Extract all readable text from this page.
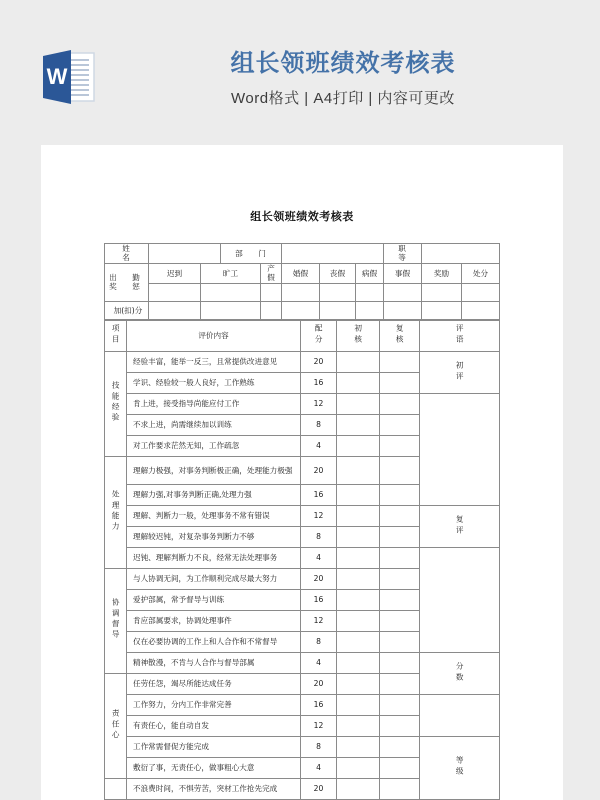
W	组长领班绩效考核表
Word格式 | A4打印 | 内容可更改
组长领班绩效考核表
姓　名			部　门					职　等		

出　勤
奖　惩	迟到	旷工		产假	婚假	丧假	病假	事假	奖励	处分

加(扣)分										
项目	评价内容	配分	初核	复核	评语
技能经验	经验丰富，能举一反三，且常提供改进意见	20			初评
	学识、经验较一般人良好，工作熟练	16			
	肯上进，接受指导尚能应付工作	12			
	不求上进，尚需继续加以训练	8			
	对工作要求茫然无知，工作疏忽	4			
处理能力	理解力极强，对事务判断极正确，处理能力极强	20			
	理解力强,对事务判断正确,处理力强	16			
	理解、判断力一般，处理事务不常有错误	12			复评
	理解较迟钝，对复杂事务判断力不够	8			
	迟钝、理解判断力不良，经常无法处理事务	4			
协调督导	与人协调无间，为工作顺利完成尽最大努力	20			
	爱护部属，常予督导与训练	16			
	肯应部属要求，协调处理事件	12			
	仅在必要协调的工作上和人合作和不常督导	8			
	精神散漫，不肯与人合作与督导部属	4			分数
责任心	任劳任怨，竭尽所能达成任务	20			
	工作努力，分内工作非常完善	16			
	有责任心，能自动自发	12			
	工作常需督促方能完成	8			等级
	敷衍了事，无责任心，做事粗心大意	4			
	不浪费时间，不惧劳苦，突材工作抢先完成	20			
